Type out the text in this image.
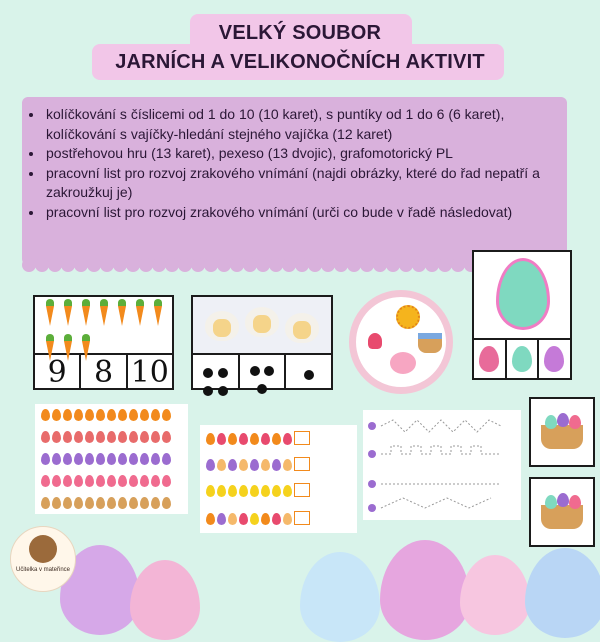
VELKÝ SOUBOR
JARNÍCH A VELIKONOČNÍCH AKTIVIT
• kolíčkování s číslicemi od 1 do 10 (10 karet), s puntíky od 1 do 6 (6 karet), kolíčkování s vajíčky-hledání stejného vajíčka (12 karet)
• postřehovou hru (13 karet), pexeso (13 dvojic), grafomotorický PL
• pracovní list pro rozvoj zrakového vnímání (najdi obrázky, které do řad nepatří a zakroužkuj je)
• pracovní list pro rozvoj zrakového vnímání (urči co bude v řadě následovat)
9 8 10

Učitelka v mateřince
